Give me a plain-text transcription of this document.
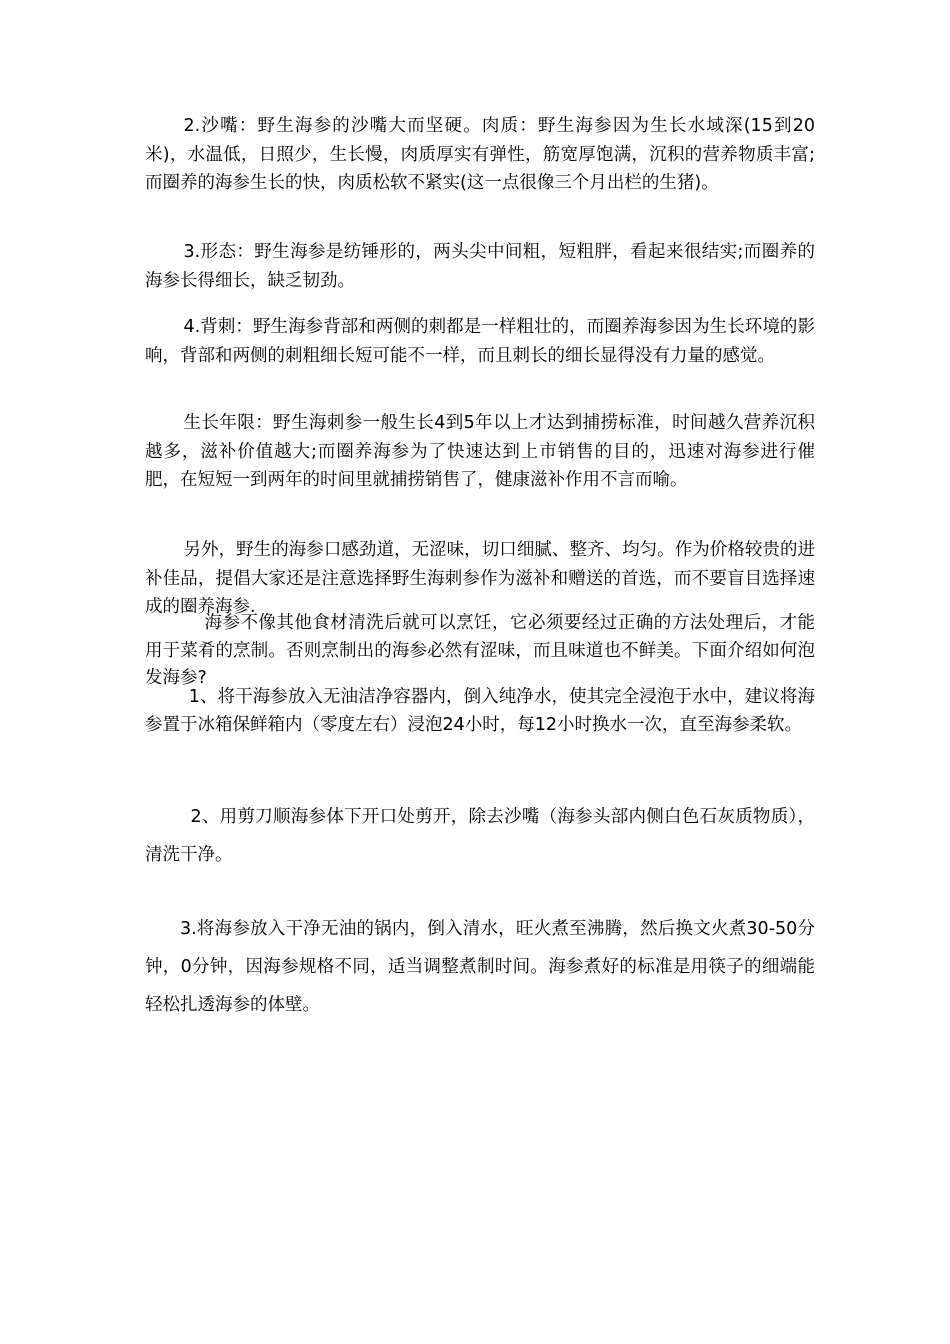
2.沙嘴：野生海参的沙嘴大而坚硬。肉质：野生海参因为生长水域深(15到20米)，水温低，日照少，生长慢，肉质厚实有弹性，筋宽厚饱满，沉积的营养物质丰富;而圈养的海参生长的快，肉质松软不紧实(这一点很像三个月出栏的生猪)。

3.形态：野生海参是纺锤形的，两头尖中间粗，短粗胖，看起来很结实;而圈养的海参长得细长，缺乏韧劲。

4.背刺：野生海参背部和两侧的刺都是一样粗壮的，而圈养海参因为生长环境的影响，背部和两侧的刺粗细长短可能不一样，而且刺长的细长显得没有力量的感觉。

生长年限：野生海刺参一般生长4到5年以上才达到捕捞标准，时间越久营养沉积越多，滋补价值越大;而圈养海参为了快速达到上市销售的目的，迅速对海参进行催肥，在短短一到两年的时间里就捕捞销售了，健康滋补作用不言而喻。

另外，野生的海参口感劲道，无涩味，切口细腻、整齐、均匀。作为价格较贵的进补佳品，提倡大家还是注意选择野生海刺参作为滋补和赠送的首选，而不要盲目选择速成的圈养海参.

海参不像其他食材清洗后就可以烹饪，它必须要经过正确的方法处理后，才能用于菜肴的烹制。否则烹制出的海参必然有涩味，而且味道也不鲜美。下面介绍如何泡发海参?

1、将干海参放入无油洁净容器内，倒入纯净水，使其完全浸泡于水中，建议将海参置于冰箱保鲜箱内（零度左右）浸泡24小时，每12小时换水一次，直至海参柔软。

2、用剪刀顺海参体下开口处剪开，除去沙嘴（海参头部内侧白色石灰质物质），清洗干净。

3.将海参放入干净无油的锅内，倒入清水，旺火煮至沸腾，然后换文火煮30-50分钟，0分钟，因海参规格不同，适当调整煮制时间。海参煮好的标准是用筷子的细端能轻松扎透海参的体壁。
